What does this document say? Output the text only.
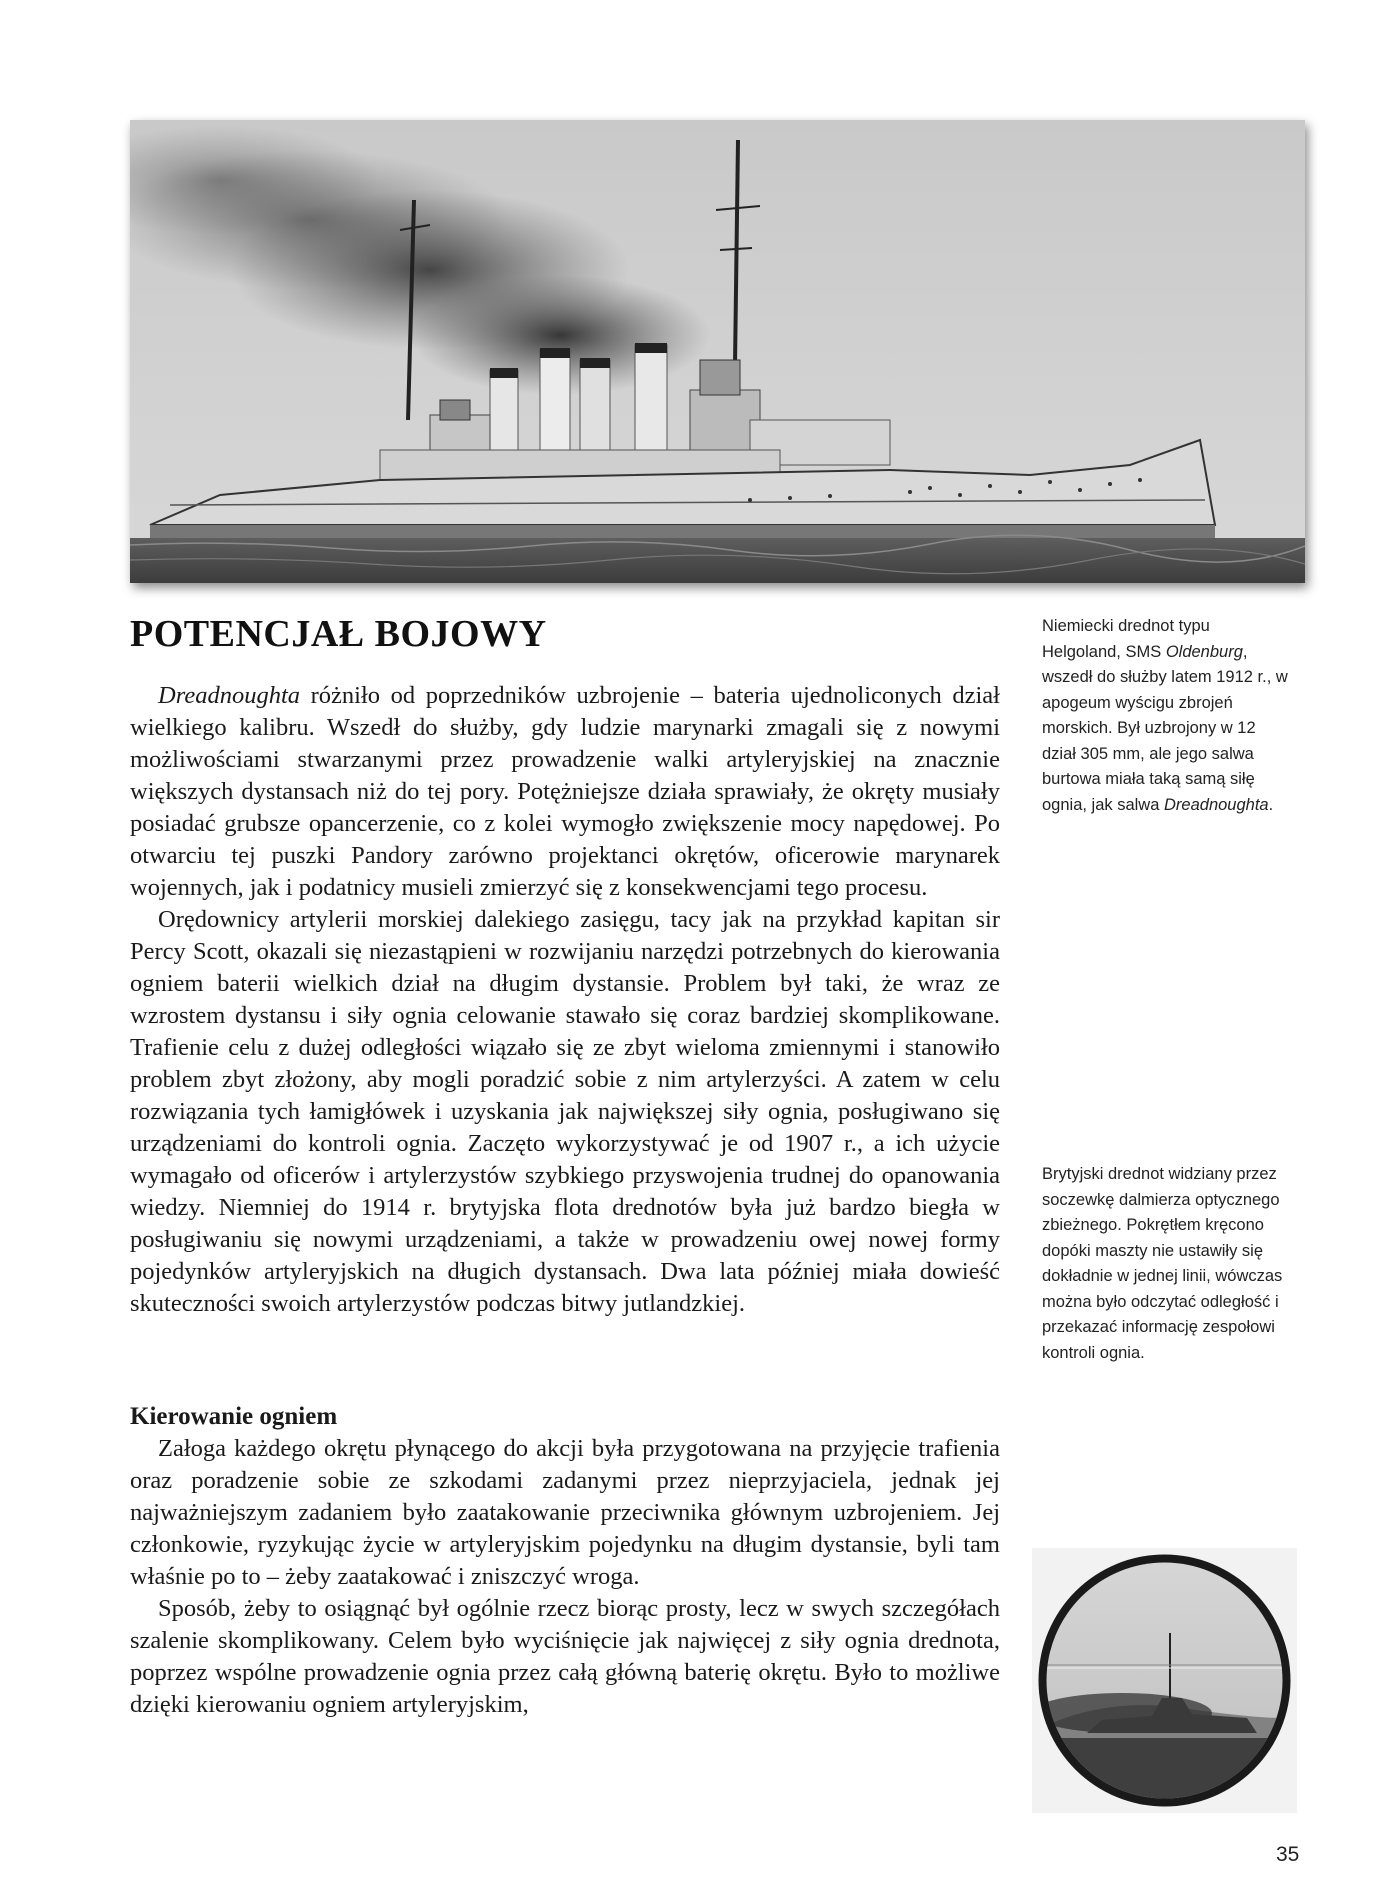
POTENCJAŁ BOJOWY

Dreadnoughta różniło od poprzedników uzbrojenie – bateria ujednoliconych dział wielkiego kalibru. Wszedł do służby, gdy ludzie marynarki zmagali się z nowymi możliwościami stwarzanymi przez prowadzenie walki artyleryjskiej na znacznie większych dystansach niż do tej pory. Potężniejsze działa sprawiały, że okręty musiały posiadać grubsze opancerzenie, co z kolei wymogło zwiększenie mocy napędowej. Po otwarciu tej puszki Pandory zarówno projektanci okrętów, oficerowie marynarek wojennych, jak i podatnicy musieli zmierzyć się z konsekwencjami tego procesu.

Orędownicy artylerii morskiej dalekiego zasięgu, tacy jak na przykład kapitan sir Percy Scott, okazali się niezastąpieni w rozwijaniu narzędzi potrzebnych do kierowania ogniem baterii wielkich dział na długim dystansie. Problem był taki, że wraz ze wzrostem dystansu i siły ognia celowanie stawało się coraz bardziej skomplikowane. Trafienie celu z dużej odległości wiązało się ze zbyt wieloma zmiennymi i stanowiło problem zbyt złożony, aby mogli poradzić sobie z nim artylerzyści. A zatem w celu rozwiązania tych łamigłówek i uzyskania jak największej siły ognia, posługiwano się urządzeniami do kontroli ognia. Zaczęto wykorzystywać je od 1907 r., a ich użycie wymagało od oficerów i artylerzystów szybkiego przyswojenia trudnej do opanowania wiedzy. Niemniej do 1914 r. brytyjska flota drednotów była już bardzo biegła w posługiwaniu się nowymi urządzeniami, a także w prowadzeniu owej nowej formy pojedynków artyleryjskich na długich dystansach. Dwa lata później miała dowieść skuteczności swoich artylerzystów podczas bitwy jutlandzkiej.

Kierowanie ogniem

Załoga każdego okrętu płynącego do akcji była przygotowana na przyjęcie trafienia oraz poradzenie sobie ze szkodami zadanymi przez nieprzyjaciela, jednak jej najważniejszym zadaniem było zaatakowanie przeciwnika głównym uzbrojeniem. Jej członkowie, ryzykując życie w artyleryjskim pojedynku na długim dystansie, byli tam właśnie po to – żeby zaatakować i zniszczyć wroga.

Sposób, żeby to osiągnąć był ogólnie rzecz biorąc prosty, lecz w swych szczegółach szalenie skomplikowany. Celem było wyciśnięcie jak najwięcej z siły ognia drednota, poprzez wspólne prowadzenie ognia przez całą główną baterię okrętu. Było to możliwe dzięki kierowaniu ogniem artyleryjskim,

Niemiecki drednot typu Helgoland, SMS Oldenburg, wszedł do służby latem 1912 r., w apogeum wyścigu zbrojeń morskich. Był uzbrojony w 12 dział 305 mm, ale jego salwa burtowa miała taką samą siłę ognia, jak salwa Dreadnoughta.
Brytyjski drednot widziany przez soczewkę dalmierza optycznego zbieżnego. Pokrętłem kręcono dopóki maszty nie ustawiły się dokładnie w jednej linii, wówczas można było odczytać odległość i przekazać informację zespołowi kontroli ognia.
35
